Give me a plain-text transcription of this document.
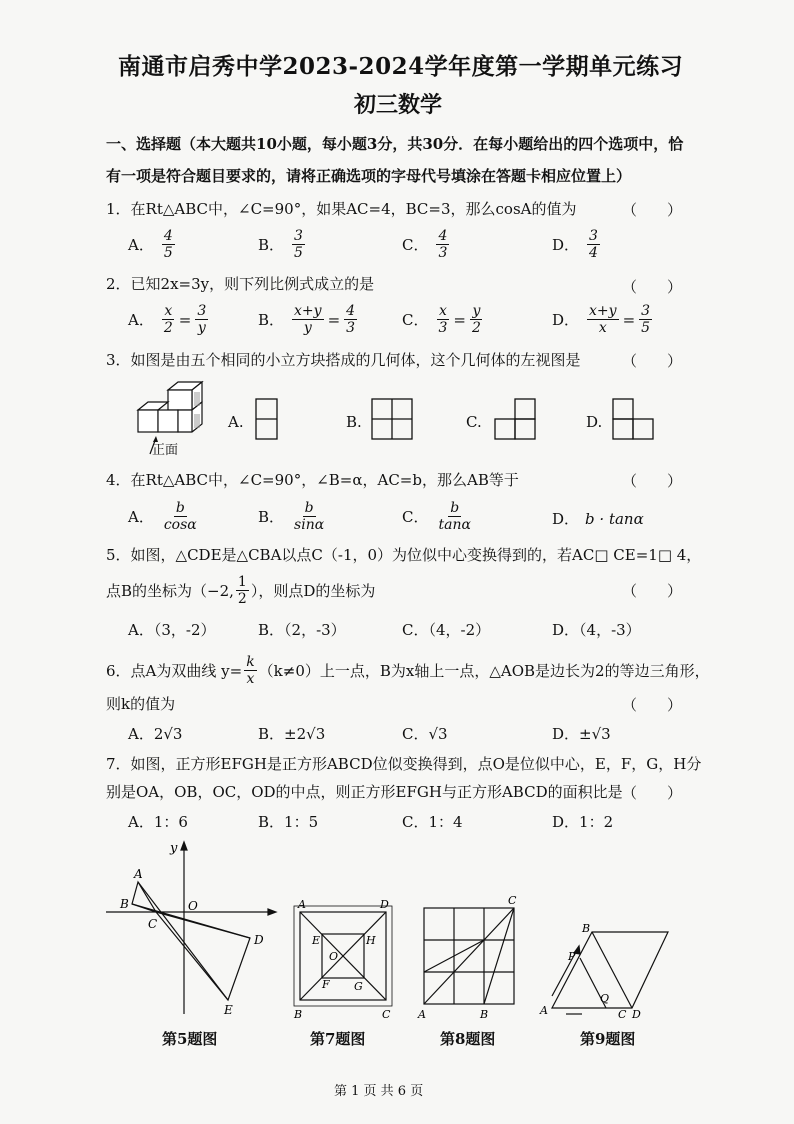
南通市启秀中学2023-2024学年度第一学期单元练习
初三数学
一、选择题（本大题共10小题，每小题3分，共30分．在每小题给出的四个选项中，恰
有一项是符合题目要求的，请将正确选项的字母代号填涂在答题卡相应位置上）
1．在Rt△ABC中，∠C=90°，如果AC=4，BC=3，那么cosA的值为	（　　）
A． $\frac{4}{5}$	B． $\frac{3}{5}$	C． $\frac{4}{3}$	D． $\frac{3}{4}$
2．已知2x=3y，则下列比例式成立的是	（　　）
A． $\frac{x}{2} = \frac{3}{y}$	B． $\frac{x+y}{y} = \frac{4}{3}$	C． $\frac{x}{3} = \frac{y}{2}$	D． $\frac{x+y}{x} = \frac{3}{5}$
3．如图是由五个相同的小立方块搭成的几何体，这个几何体的左视图是	（　　）
正面
A.	B.	C.	D.
4．在Rt△ABC中，∠C=90°，∠B=α，AC=b，那么AB等于	（　　）
A． $\frac{b}{\cos\alpha}$	B． $\frac{b}{\sin\alpha}$	C． $\frac{b}{\tan\alpha}$	D． b · tanα
5．如图，△CDE是△CBA以点C（-1，0）为位似中心变换得到的，若AC□ CE=1□ 4，
点B的坐标为（−2, $\frac{1}{2}$ ），则点D的坐标为	（　　）
A．（3，-2）	B．（2，-3）	C．（4，-2）	D．（4，-3）
6．点A为双曲线 $y= \frac{k}{x} (k\ne 0)$上一点，B为x轴上一点，△AOB是边长为2的等边三角形，
则k的值为	（　　）
A．2√3	B．±2√3	C．√3	D．±√3
7．如图，正方形EFGH是正方形ABCD位似变换得到，点O是位似中心，E，F，G，H分
别是OA，OB，OC，OD的中点，则正方形EFGH与正方形ABCD的面积比是 （　　）
A．1：6	B．1：5	C．1：4	D．1：2
y
A
B	O
C
D
E
A	D
E	H
O
F G
B	C
C
A	B
B
P
A
Q
C D
第5题图	第7题图	第8题图	第9题图
第 1 页 共 6 页
